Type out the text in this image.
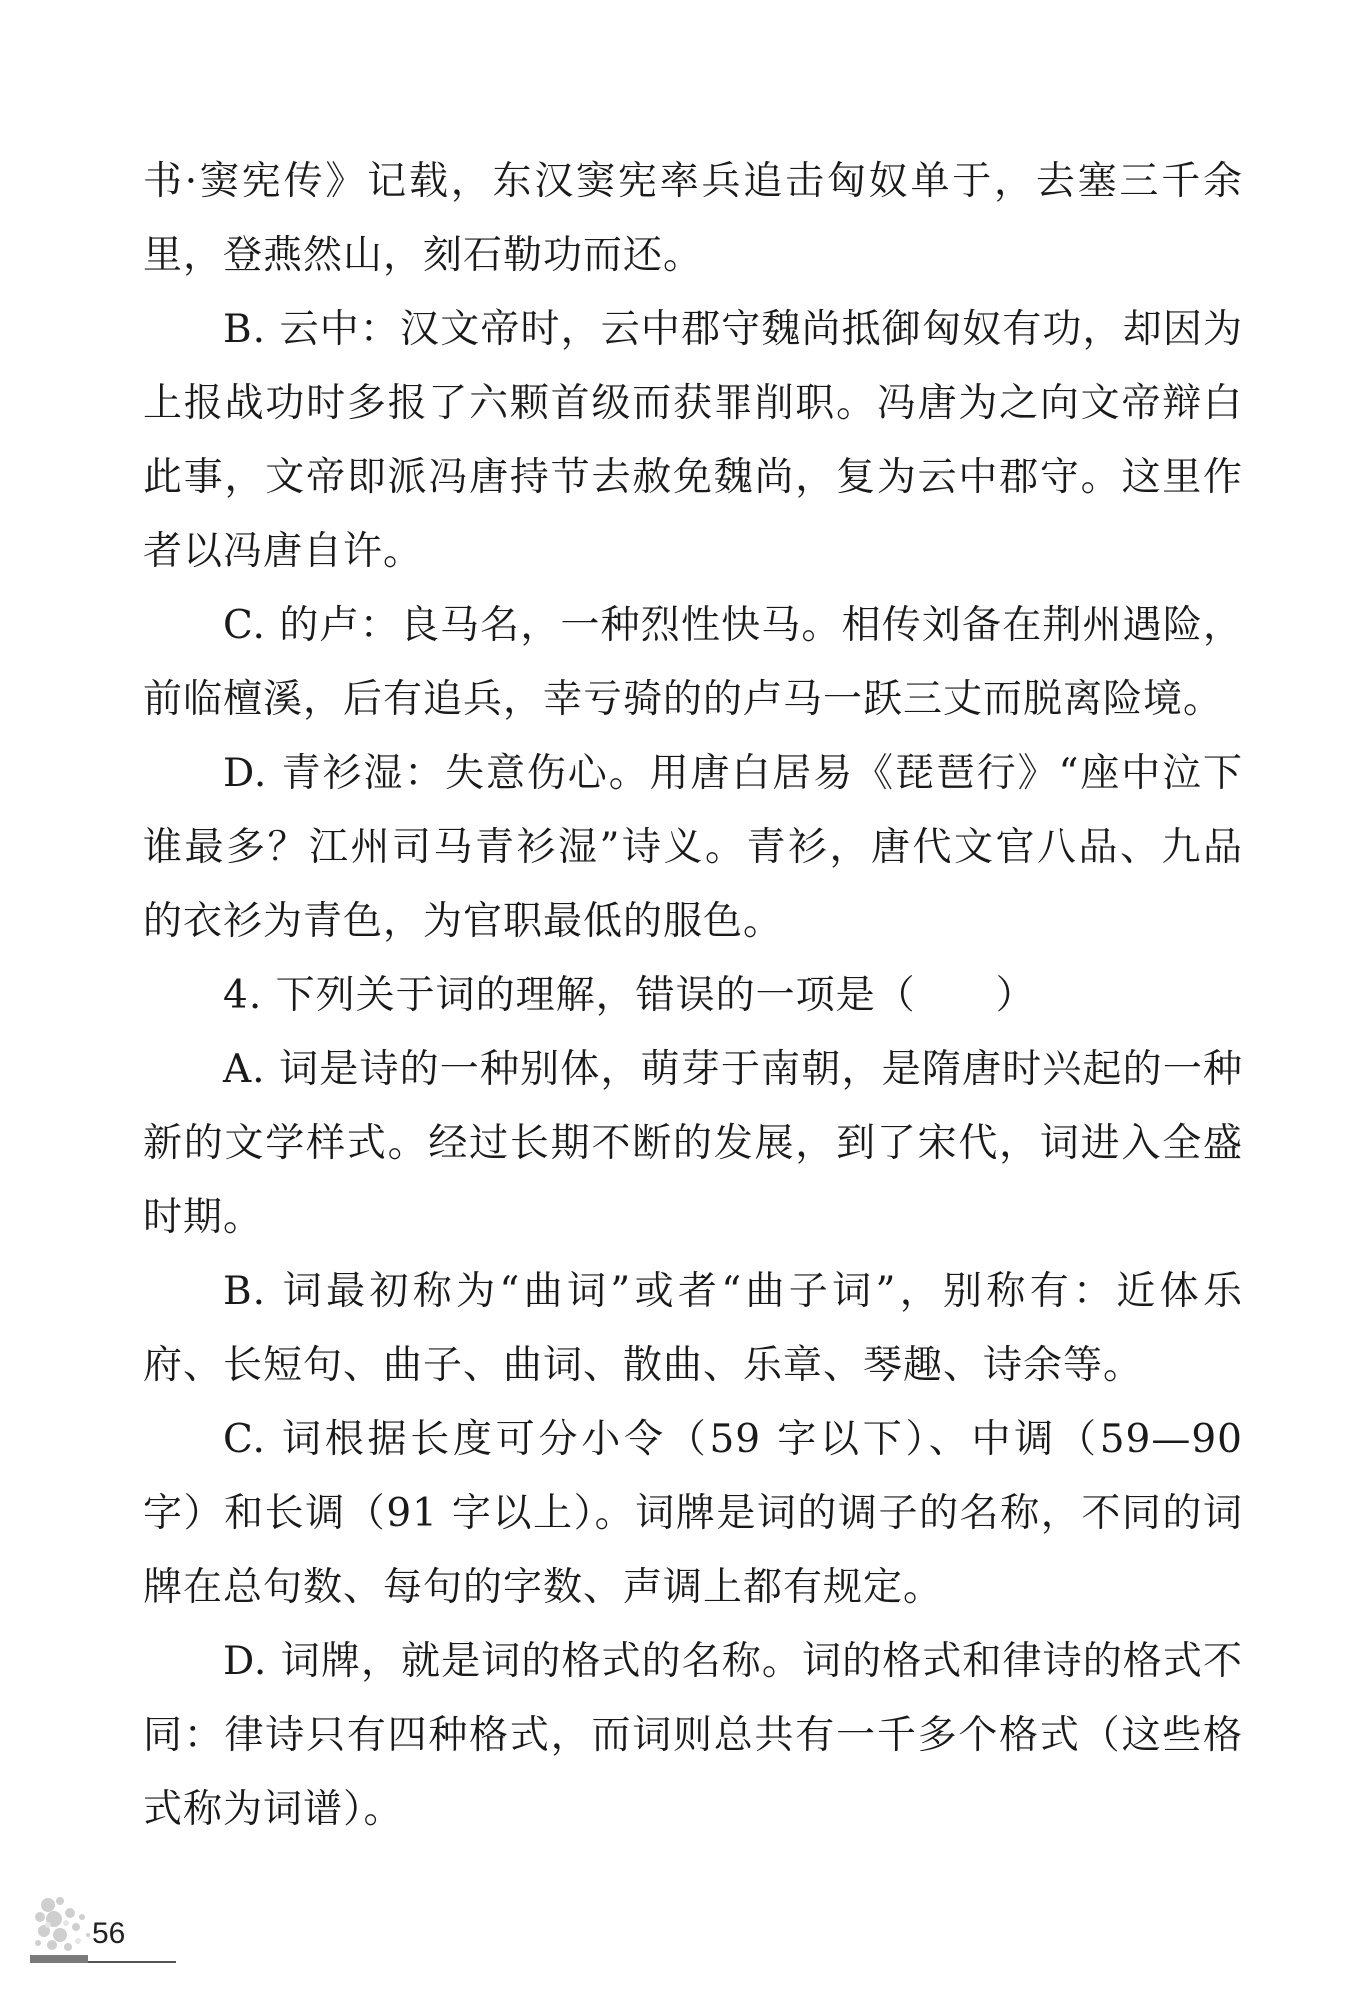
书·窦宪传》记载，东汉窦宪率兵追击匈奴单于，去塞三千余里，登燕然山，刻石勒功而还。

B. 云中：汉文帝时，云中郡守魏尚抵御匈奴有功，却因为上报战功时多报了六颗首级而获罪削职。冯唐为之向文帝辩白此事，文帝即派冯唐持节去赦免魏尚，复为云中郡守。这里作者以冯唐自许。

C. 的卢：良马名，一种烈性快马。相传刘备在荆州遇险，前临檀溪，后有追兵，幸亏骑的的卢马一跃三丈而脱离险境。

D. 青衫湿：失意伤心。用唐白居易《琵琶行》“座中泣下谁最多？江州司马青衫湿”诗义。青衫，唐代文官八品、九品的衣衫为青色，为官职最低的服色。

4. 下列关于词的理解，错误的一项是（　　）

A. 词是诗的一种别体，萌芽于南朝，是隋唐时兴起的一种新的文学样式。经过长期不断的发展，到了宋代，词进入全盛时期。

B. 词最初称为“曲词”或者“曲子词”，别称有：近体乐府、长短句、曲子、曲词、散曲、乐章、琴趣、诗余等。

C. 词根据长度可分小令（59 字以下）、中调（59—90 字）和长调（91 字以上）。词牌是词的调子的名称，不同的词牌在总句数、每句的字数、声调上都有规定。

D. 词牌，就是词的格式的名称。词的格式和律诗的格式不同：律诗只有四种格式，而词则总共有一千多个格式（这些格式称为词谱）。

56
